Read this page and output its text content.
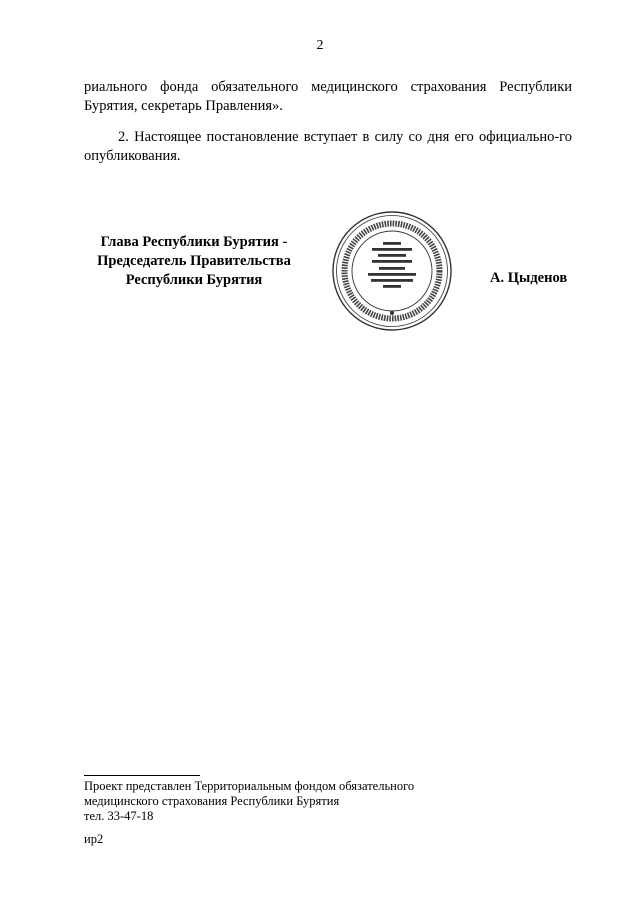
2
риального фонда обязательного медицинского страхования Республики Бурятия, секретарь Правления».
2. Настоящее постановление вступает в силу со дня его официально-го опубликования.
Глава Республики Бурятия -
Председатель Правительства
Республики Бурятия	А. Цыденов
Проект представлен Территориальным фондом обязательного
медицинского страхования Республики Бурятия
тел. 33-47-18
ир2
